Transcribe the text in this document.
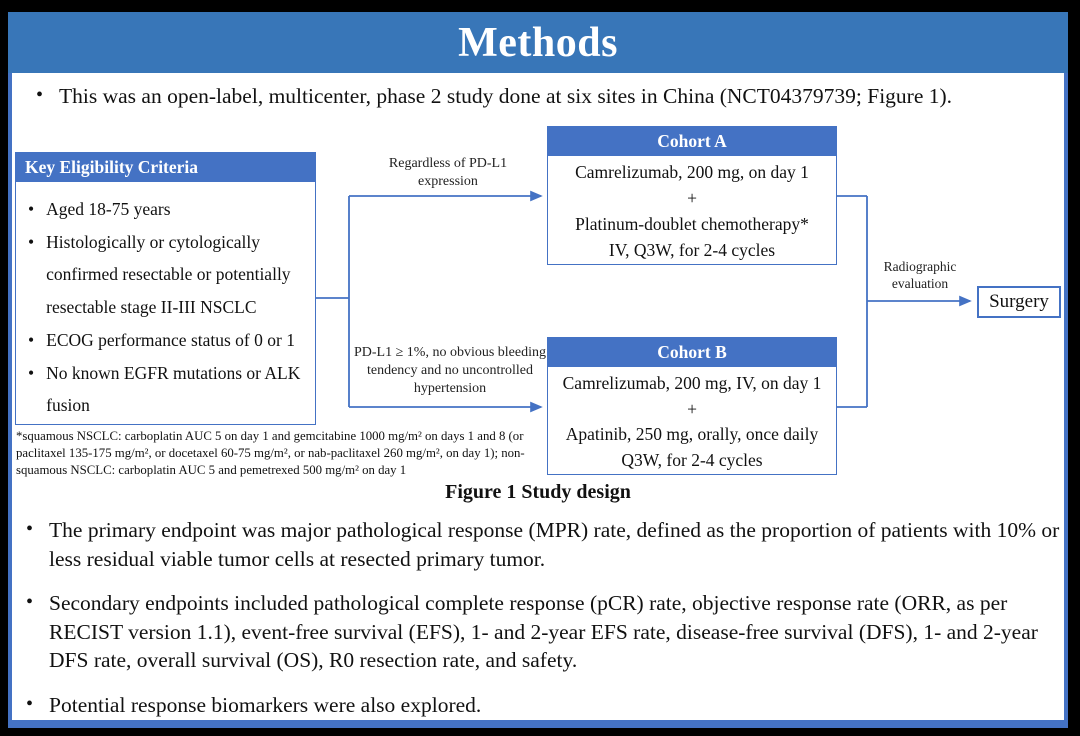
Methods
• This was an open-label, multicenter, phase 2 study done at six sites in China (NCT04379739; Figure 1).
Key Eligibility Criteria
• Aged 18-75 years
• Histologically or cytologically confirmed resectable or potentially resectable stage II-III NSCLC
• ECOG performance status of 0 or 1
• No known EGFR mutations or ALK fusion
Regardless of PD-L1 expression
PD-L1 ≥ 1%, no obvious bleeding tendency and no uncontrolled hypertension
Cohort A
Camrelizumab, 200 mg, on day 1
+
Platinum-doublet chemotherapy*
IV, Q3W, for 2-4 cycles
Cohort B
Camrelizumab, 200 mg, IV, on day 1
+
Apatinib, 250 mg, orally, once daily
Q3W, for 2-4 cycles
Radiographic evaluation
Surgery
*squamous NSCLC: carboplatin AUC 5 on day 1 and gemcitabine 1000 mg/m² on days 1 and 8 (or paclitaxel 135-175 mg/m², or docetaxel 60-75 mg/m², or nab-paclitaxel 260 mg/m², on day 1); non-squamous NSCLC: carboplatin AUC 5 and pemetrexed 500 mg/m² on day 1
Figure 1 Study design
• The primary endpoint was major pathological response (MPR) rate, defined as the proportion of patients with 10% or less residual viable tumor cells at resected primary tumor.
• Secondary endpoints included pathological complete response (pCR) rate, objective response rate (ORR, as per RECIST version 1.1), event-free survival (EFS), 1- and 2-year EFS rate, disease-free survival (DFS), 1- and 2-year DFS rate, overall survival (OS), R0 resection rate, and safety.
• Potential response biomarkers were also explored.
